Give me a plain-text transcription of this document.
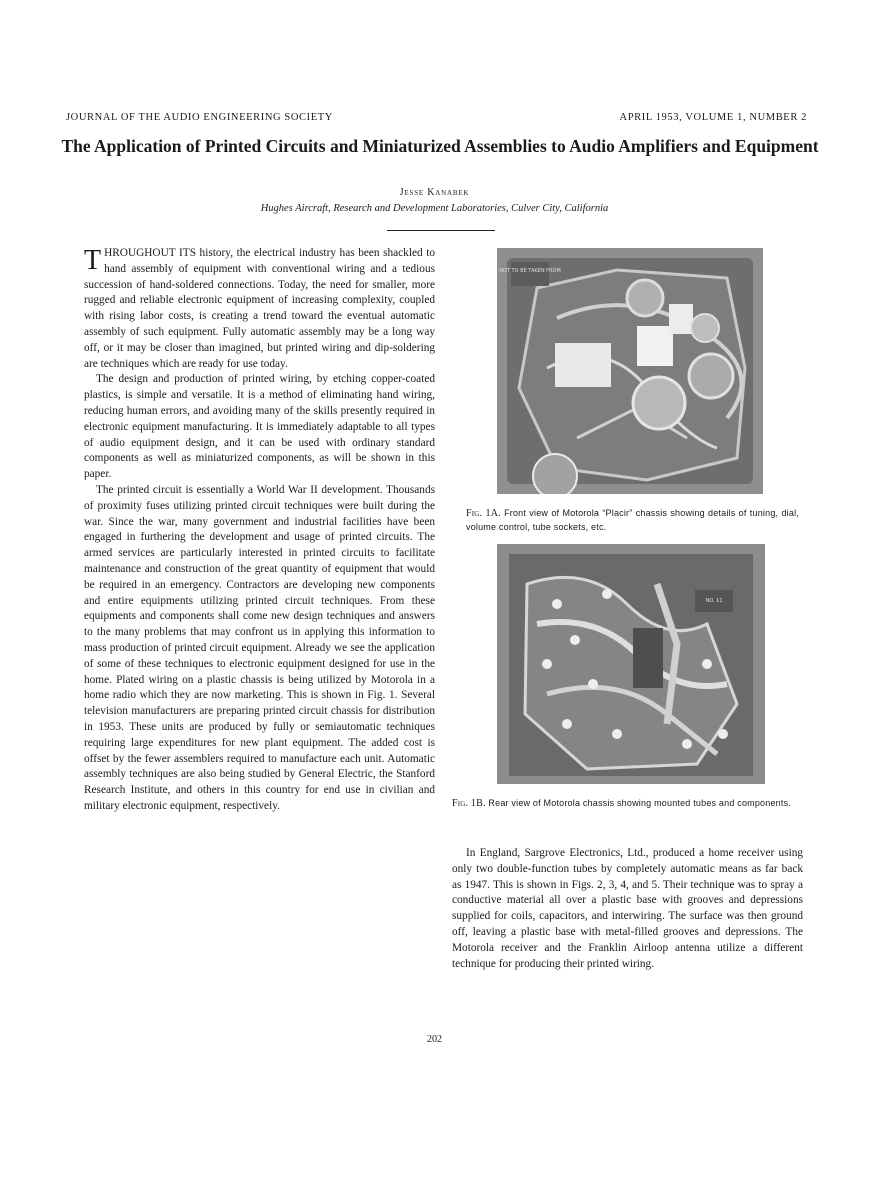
JOURNAL OF THE AUDIO ENGINEERING SOCIETY	APRIL 1953, VOLUME 1, NUMBER 2
The Application of Printed Circuits and Miniaturized Assemblies to Audio Amplifiers and Equipment
Jesse Kanabek
Hughes Aircraft, Research and Development Laboratories, Culver City, California

THROUGHOUT ITS history, the electrical industry has been shackled to hand assembly of equipment with conventional wiring and a tedious succession of hand-soldered connections. Today, the need for smaller, more rugged and reliable electronic equipment of increasing complexity, coupled with rising labor costs, is creating a trend toward the eventual automatic assembly of such equipment. Fully automatic assembly may be a long way off, or it may be closer than imagined, but printed wiring and dip-soldering are techniques which are ready for use today.

The design and production of printed wiring, by etching copper-coated plastics, is simple and versatile. It is a method of eliminating hand wiring, reducing human errors, and avoiding many of the skills presently required in electronic equipment manufacturing. It is immediately adaptable to all types of audio equipment design, and it can be used with ordinary standard components as well as miniaturized components, as will be shown in this paper.

The printed circuit is essentially a World War II development. Thousands of proximity fuses utilizing printed circuit techniques were built during the war. Since the war, many government and industrial facilities have been engaged in furthering the development and usage of printed circuits. The armed services are particularly interested in printed circuits to facilitate maintenance and construction of the great quantity of equipment that would be required in an emergency. Contractors are developing new components and entire equipments utilizing printed circuit techniques. From these equipments and components shall come new design techniques and answers to the many problems that may confront us in applying this information to mass production of printed circuit equipment. Already we see the application of some of these techniques to electronic equipment designed for use in the home. Plated wiring on a plastic chassis is being utilized by Motorola in a home radio which they are now marketing. This is shown in Fig. 1. Several television manufacturers are preparing printed circuit chassis for distribution in 1953. These units are produced by fully or semiautomatic techniques requiring large expenditures for new plant equipment. The added cost is offset by the fewer assemblers required to manufacture each unit. Automatic assembly techniques are also being studied by General Electric, the Stanford Research Institute, and others in this country for end use in civilian and military electronic equipment, respectively.

NOT TO BE TAKEN FROM
Fig. 1A. Front view of Motorola “Placir” chassis showing details of tuning, dial, volume control, tube sockets, etc.
NO. 11
Fig. 1B. Rear view of Motorola chassis showing mounted tubes and components.

In England, Sargrove Electronics, Ltd., produced a home receiver using only two double-function tubes by completely automatic means as far back as 1947. This is shown in Figs. 2, 3, 4, and 5. Their technique was to spray a conductive material all over a plastic base with grooves and depressions supplied for coils, capacitors, and interwiring. The surface was then ground off, leaving a plastic base with metal-filled grooves and depressions. The Motorola receiver and the Franklin Airloop antenna utilize a different technique for producing their printed wiring.

202
